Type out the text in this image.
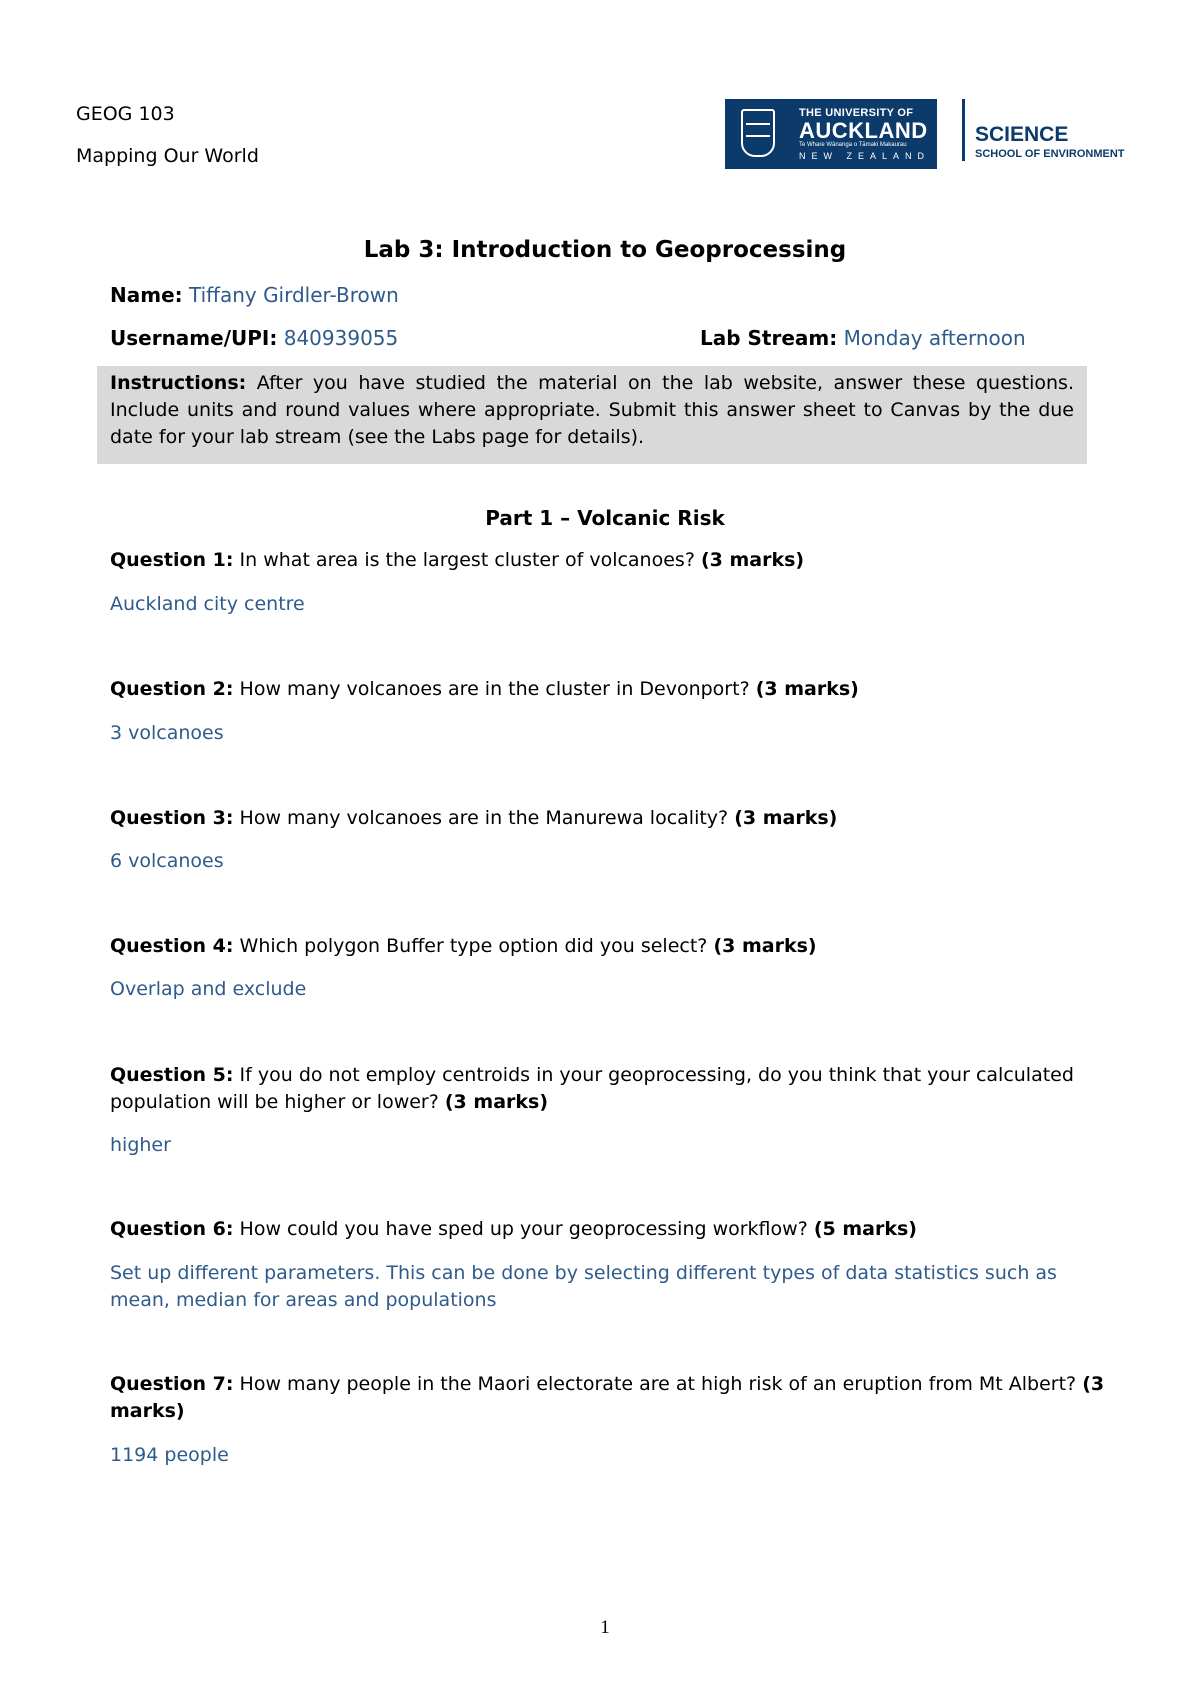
GEOG 103
Mapping Our World
THE UNIVERSITY OF
AUCKLAND
Te Whare Wānanga o Tāmaki Makaurau
NEW ZEALAND
SCIENCE
SCHOOL OF ENVIRONMENT
Lab 3: Introduction to Geoprocessing
Name: Tiffany Girdler-Brown
Username/UPI: 840939055	Lab Stream: Monday afternoon
Instructions: After you have studied the material on the lab website, answer these questions. Include units and round values where appropriate. Submit this answer sheet to Canvas by the due date for your lab stream (see the Labs page for details).
Part 1 – Volcanic Risk
Question 1: In what area is the largest cluster of volcanoes? (3 marks)
Auckland city centre
Question 2: How many volcanoes are in the cluster in Devonport? (3 marks)
3 volcanoes
Question 3: How many volcanoes are in the Manurewa locality? (3 marks)
6 volcanoes
Question 4: Which polygon Buffer type option did you select? (3 marks)
Overlap and exclude
Question 5: If you do not employ centroids in your geoprocessing, do you think that your calculated population will be higher or lower? (3 marks)
higher
Question 6: How could you have sped up your geoprocessing workflow? (5 marks)
Set up different parameters. This can be done by selecting different types of data statistics such as mean, median for areas and populations
Question 7: How many people in the Maori electorate are at high risk of an eruption from Mt Albert? (3 marks)
1194 people
1
